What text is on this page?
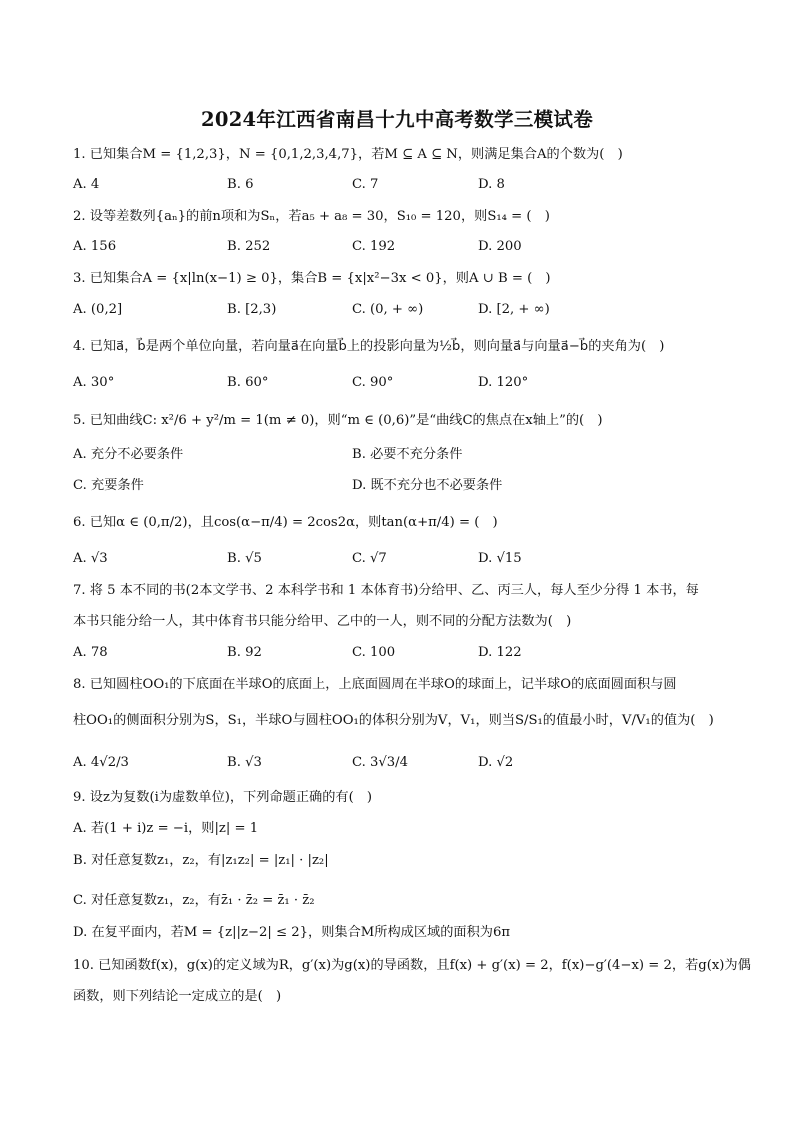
2024年江西省南昌十九中高考数学三模试卷
1. 已知集合M = {1,2,3}，N = {0,1,2,3,4,7}，若M ⊆ A ⊆ N，则满足集合A的个数为(　)
A. 4	B. 6	C. 7	D. 8
2. 设等差数列{aₙ}的前n项和为Sₙ，若a₅ + a₈ = 30，S₁₀ = 120，则S₁₄ = (　)
A. 156	B. 252	C. 192	D. 200
3. 已知集合A = {x|ln(x−1) ≥ 0}，集合B = {x|x²−3x < 0}，则A ∪ B = (　)
A. (0,2]	B. [2,3)	C. (0, + ∞)	D. [2, + ∞)
4. 已知a⃗，b⃗是两个单位向量，若向量a⃗在向量b⃗上的投影向量为½b⃗，则向量a⃗与向量a⃗−b⃗的夹角为(　)
A. 30°	B. 60°	C. 90°	D. 120°
5. 已知曲线C: x²/6 + y²/m = 1(m ≠ 0)，则“m ∈ (0,6)”是“曲线C的焦点在x轴上”的(　)
A. 充分不必要条件	B. 必要不充分条件
C. 充要条件	D. 既不充分也不必要条件
6. 已知α ∈ (0,π/2)，且cos(α−π/4) = 2cos2α，则tan(α+π/4) = (　)
A. √3	B. √5	C. √7	D. √15
7. 将 5 本不同的书(2本文学书、2 本科学书和 1 本体育书)分给甲、乙、丙三人，每人至少分得 1 本书，每
本书只能分给一人，其中体育书只能分给甲、乙中的一人，则不同的分配方法数为(　)
A. 78	B. 92	C. 100	D. 122
8. 已知圆柱OO₁的下底面在半球O的底面上，上底面圆周在半球O的球面上，记半球O的底面圆面积与圆
柱OO₁的侧面积分别为S，S₁，半球O与圆柱OO₁的体积分别为V，V₁，则当S/S₁的值最小时，V/V₁的值为(　)
A. 4√2/3	B. √3	C. 3√3/4	D. √2
9. 设z为复数(i为虚数单位)，下列命题正确的有(　)
A. 若(1 + i)z = −i，则|z| = 1
B. 对任意复数z₁，z₂，有|z₁z₂| = |z₁| · |z₂|
C. 对任意复数z₁，z₂，有z̄₁ · z̄₂ = z̄₁ · z̄₂
D. 在复平面内，若M = {z||z−2| ≤ 2}，则集合M所构成区域的面积为6π
10. 已知函数f(x)，g(x)的定义域为R，g′(x)为g(x)的导函数，且f(x) + g′(x) = 2，f(x)−g′(4−x) = 2，若g(x)为偶
函数，则下列结论一定成立的是(　)
